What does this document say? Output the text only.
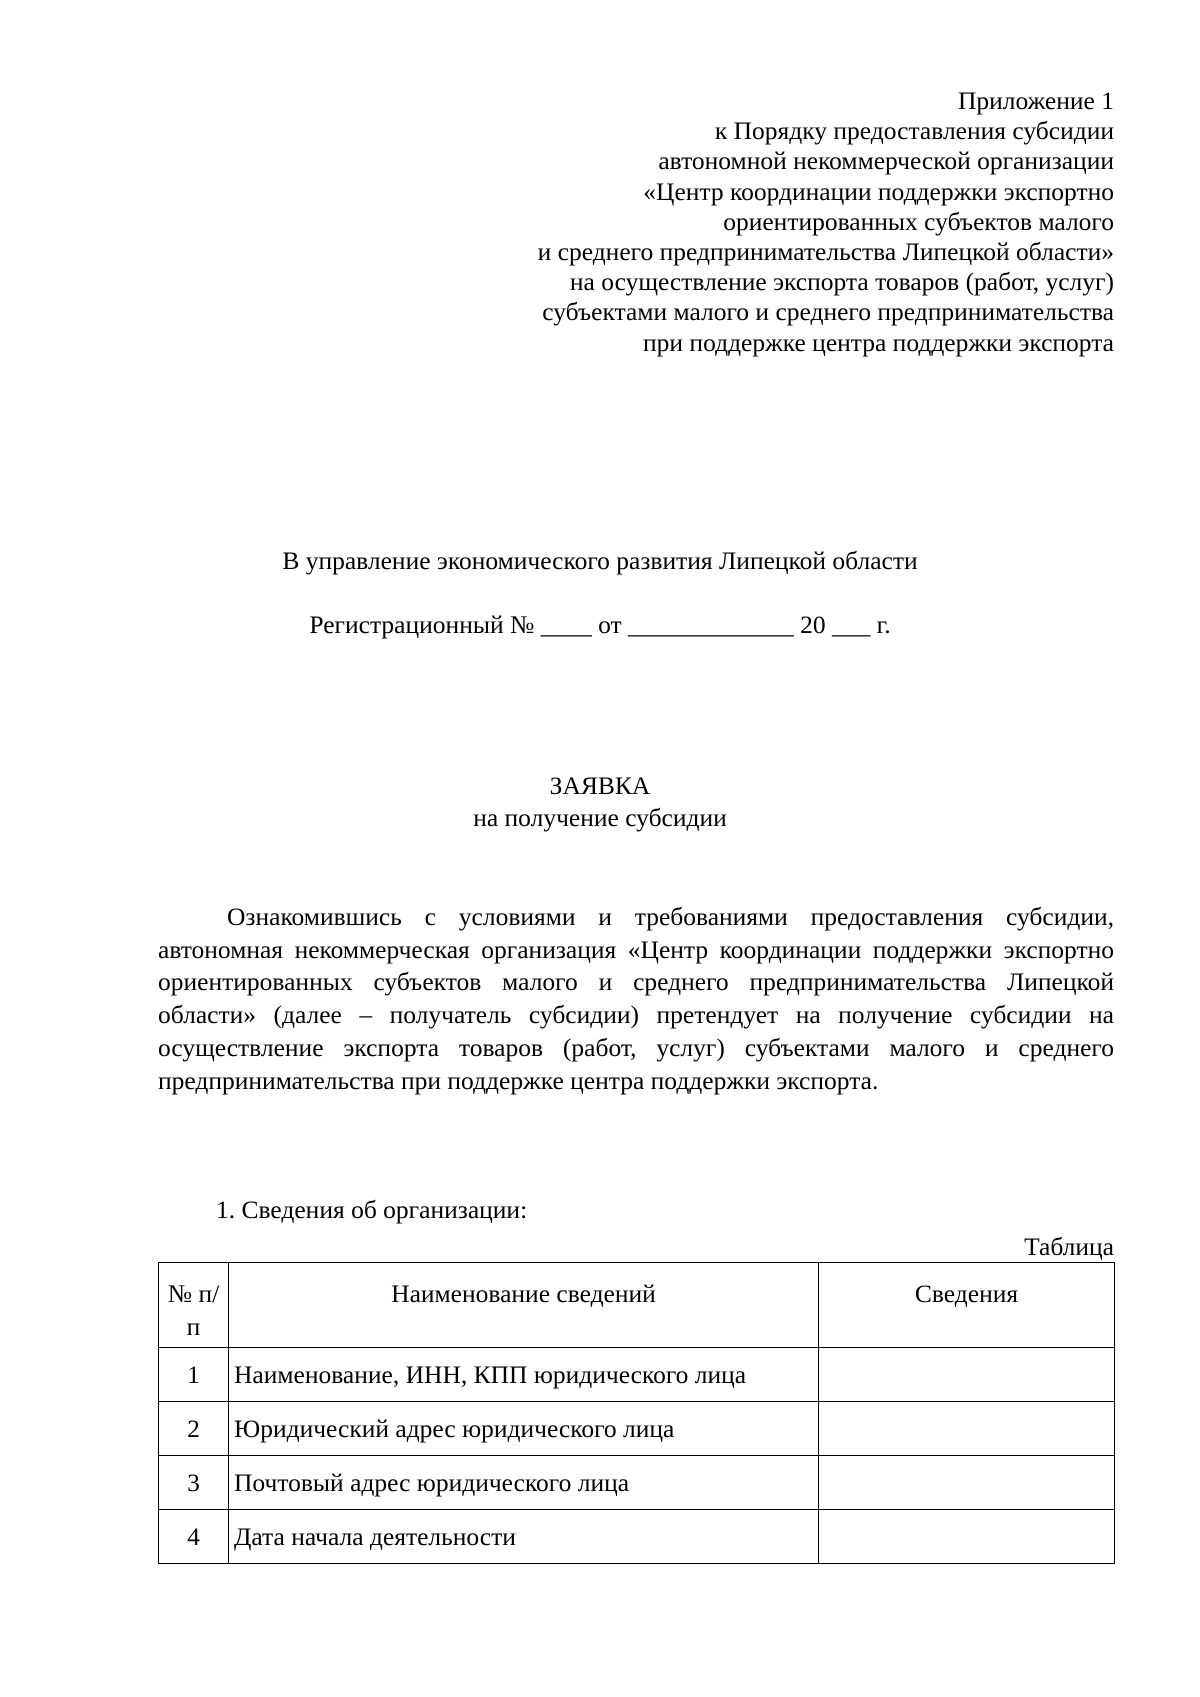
Приложение 1
к Порядку предоставления субсидии
автономной некоммерческой организации
«Центр координации поддержки экспортно
ориентированных субъектов малого
и среднего предпринимательства Липецкой области»
на осуществление экспорта товаров (работ, услуг)
субъектами малого и среднего предпринимательства
при поддержке центра поддержки экспорта
В управление экономического развития Липецкой области
Регистрационный № ____ от _____________ 20 ___ г.
ЗАЯВКА
на получение субсидии
Ознакомившись с условиями и требованиями предоставления субсидии, автономная некоммерческая организация «Центр координации поддержки экспортно ориентированных субъектов малого и среднего предпринимательства Липецкой области» (далее – получатель субсидии) претендует на получение субсидии на осуществление экспорта товаров (работ, услуг) субъектами малого и среднего предпринимательства при поддержке центра поддержки экспорта.
1. Сведения об организации:
Таблица
№ п/п	Наименование сведений	Сведения
1	Наименование, ИНН, КПП юридического лица	
2	Юридический адрес юридического лица	
3	Почтовый адрес юридического лица	
4	Дата начала деятельности	
